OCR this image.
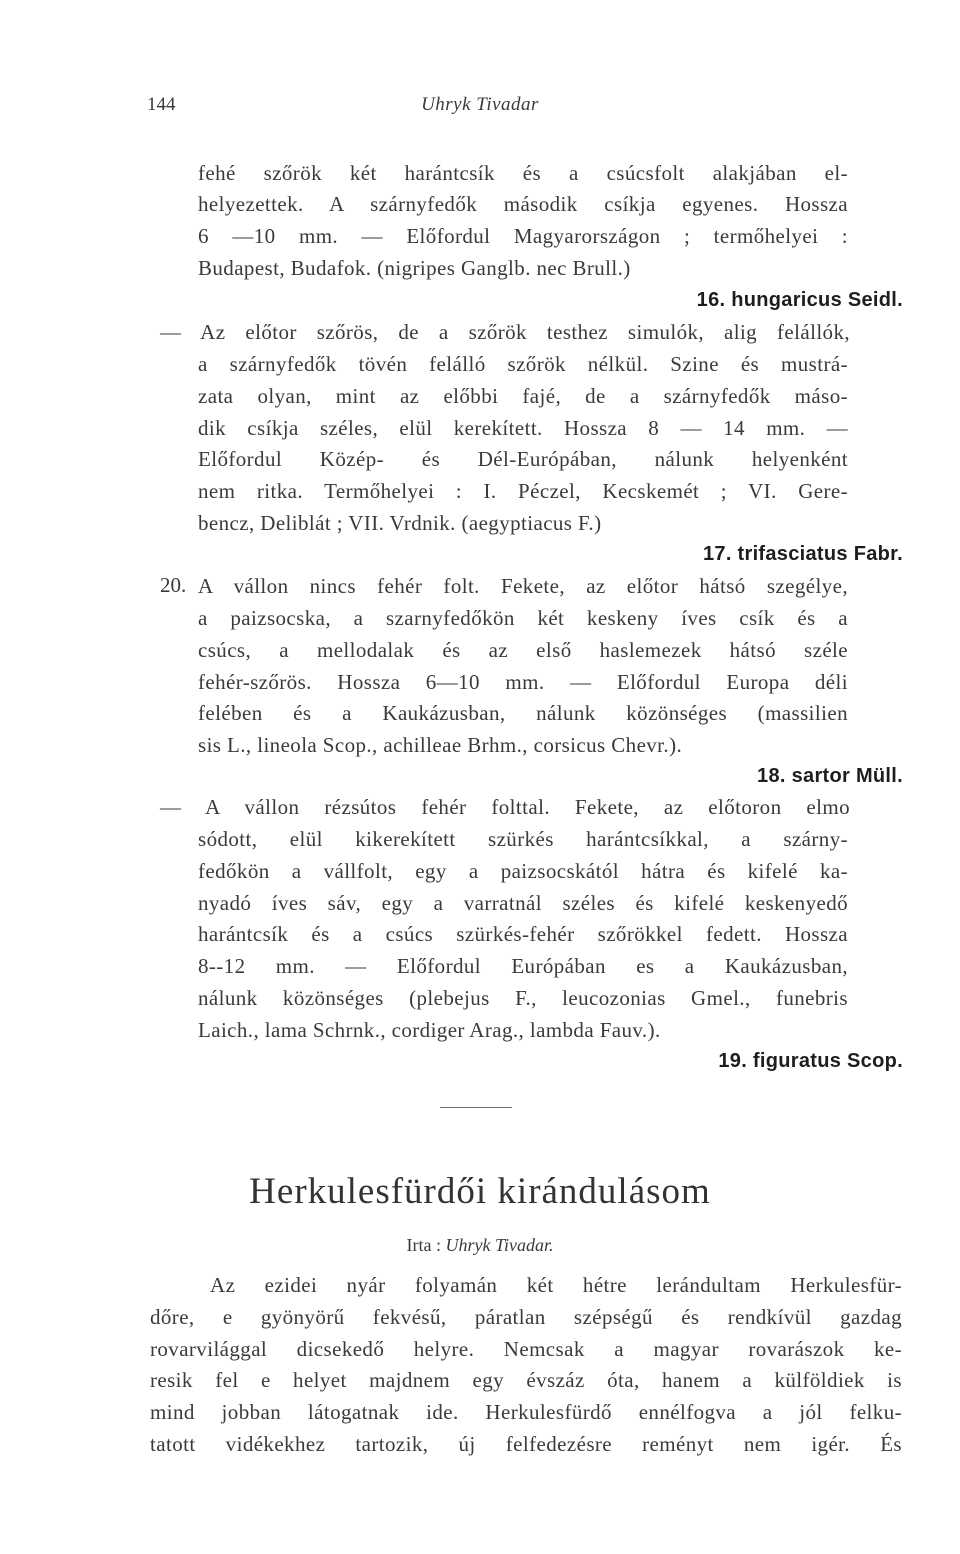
144	Uhryk Tivadar
fehé szőrök két harántcsík és a csúcsfolt alakjában el-
helyezettek. A szárnyfedők második csíkja egyenes. Hossza
6 —10 mm. — Előfordul Magyarországon ; termőhelyei :
Budapest, Budafok. (nigripes Ganglb. nec Brull.)
16. hungaricus Seidl.
— Az előtor szőrös, de a szőrök testhez simulók, alig felállók,
a szárnyfedők tövén felálló szőrök nélkül. Szine és mustrá-
zata olyan, mint az előbbi fajé, de a szárnyfedők máso-
dik csíkja széles, elül kerekített. Hossza 8 — 14 mm. —
Előfordul Közép- és Dél-Európában, nálunk helyenként
nem ritka. Termőhelyei : I. Péczel, Kecskemét ; VI. Gere-
bencz, Deliblát ; VII. Vrdnik. (aegyptiacus F.)
17. trifasciatus Fabr.
20. A vállon nincs fehér folt. Fekete, az előtor hátsó szegélye,
a paizsocska, a szarnyfedőkön két keskeny íves csík és a
csúcs, a mellodalak és az első haslemezek hátsó széle
fehér-szőrös. Hossza 6—10 mm. — Előfordul Europa déli
felében és a Kaukázusban, nálunk közönséges (massilien
sis L., lineola Scop., achilleae Brhm., corsicus Chevr.).
18. sartor Müll.
— A vállon rézsútos fehér folttal. Fekete, az előtoron elmo
sódott, elül kikerekített szürkés harántcsíkkal, a szárny-
fedőkön a vállfolt, egy a paizsocskától hátra és kifelé ka-
nyadó íves sáv, egy a varratnál széles és kifelé keskenyedő
harántcsík és a csúcs szürkés-fehér szőrökkel fedett. Hossza
8--12 mm. — Előfordul Európában es a Kaukázusban,
nálunk közönséges (plebejus F., leucozonias Gmel., funebris
Laich., lama Schrnk., cordiger Arag., lambda Fauv.).
19. figuratus Scop.
Herkulesfürdői kirándulásom
Irta : Uhryk Tivadar.
Az ezidei nyár folyamán két hétre lerándultam Herkulesfür-
dőre, e gyönyörű fekvésű, páratlan szépségű és rendkívül gazdag
rovarvilággal dicsekedő helyre. Nemcsak a magyar rovarászok ke-
resik fel e helyet majdnem egy évszáz óta, hanem a külföldiek is
mind jobban látogatnak ide. Herkulesfürdő ennélfogva a jól felku-
tatott vidékekhez tartozik, új felfedezésre reményt nem igér. És
